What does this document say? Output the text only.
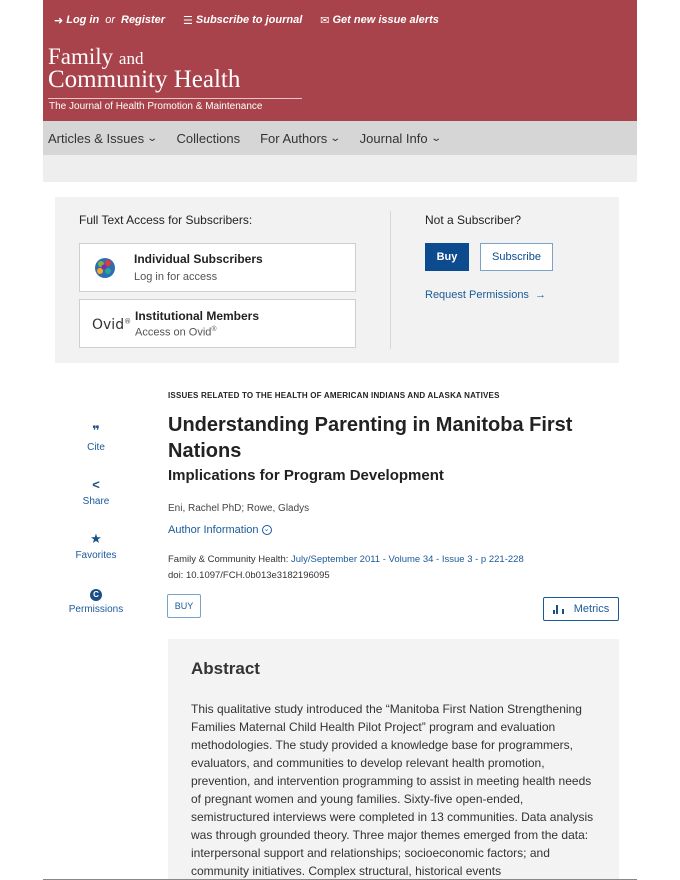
➜ Log in or Register ☰ Subscribe to journal ✉ Get new issue alerts
Family and
Community Health
The Journal of Health Promotion & Maintenance
Articles & Issues ⌄ Collections For Authors ⌄ Journal Info ⌄
Full Text Access for Subscribers:
Individual Subscribers
Log in for access
Ovid® Institutional Members
Access on Ovid®
Not a Subscriber?
Buy	Subscribe
Request Permissions  →
❞
Cite
<
Share
★
Favorites
C
Permissions
ISSUES RELATED TO THE HEALTH OF AMERICAN INDIANS AND ALASKA NATIVES
Understanding Parenting in Manitoba First Nations
Implications for Program Development
Eni, Rachel PhD; Rowe, Gladys
Author Information ⌄
Family & Community Health: July/September 2011 - Volume 34 - Issue 3 - p 221-228
doi: 10.1097/FCH.0b013e3182196095
BUY	Metrics
Abstract

This qualitative study introduced the “Manitoba First Nation Strengthening Families Maternal Child Health Pilot Project” program and evaluation methodologies. The study provided a knowledge base for programmers, evaluators, and communities to develop relevant health promotion, prevention, and intervention programming to assist in meeting health needs of pregnant women and young families. Sixty-five open-ended, semistructured interviews were completed in 13 communities. Data analysis was through grounded theory. Three major themes emerged from the data: interpersonal support and relationships; socioeconomic factors; and community initiatives. Complex structural, historical events
